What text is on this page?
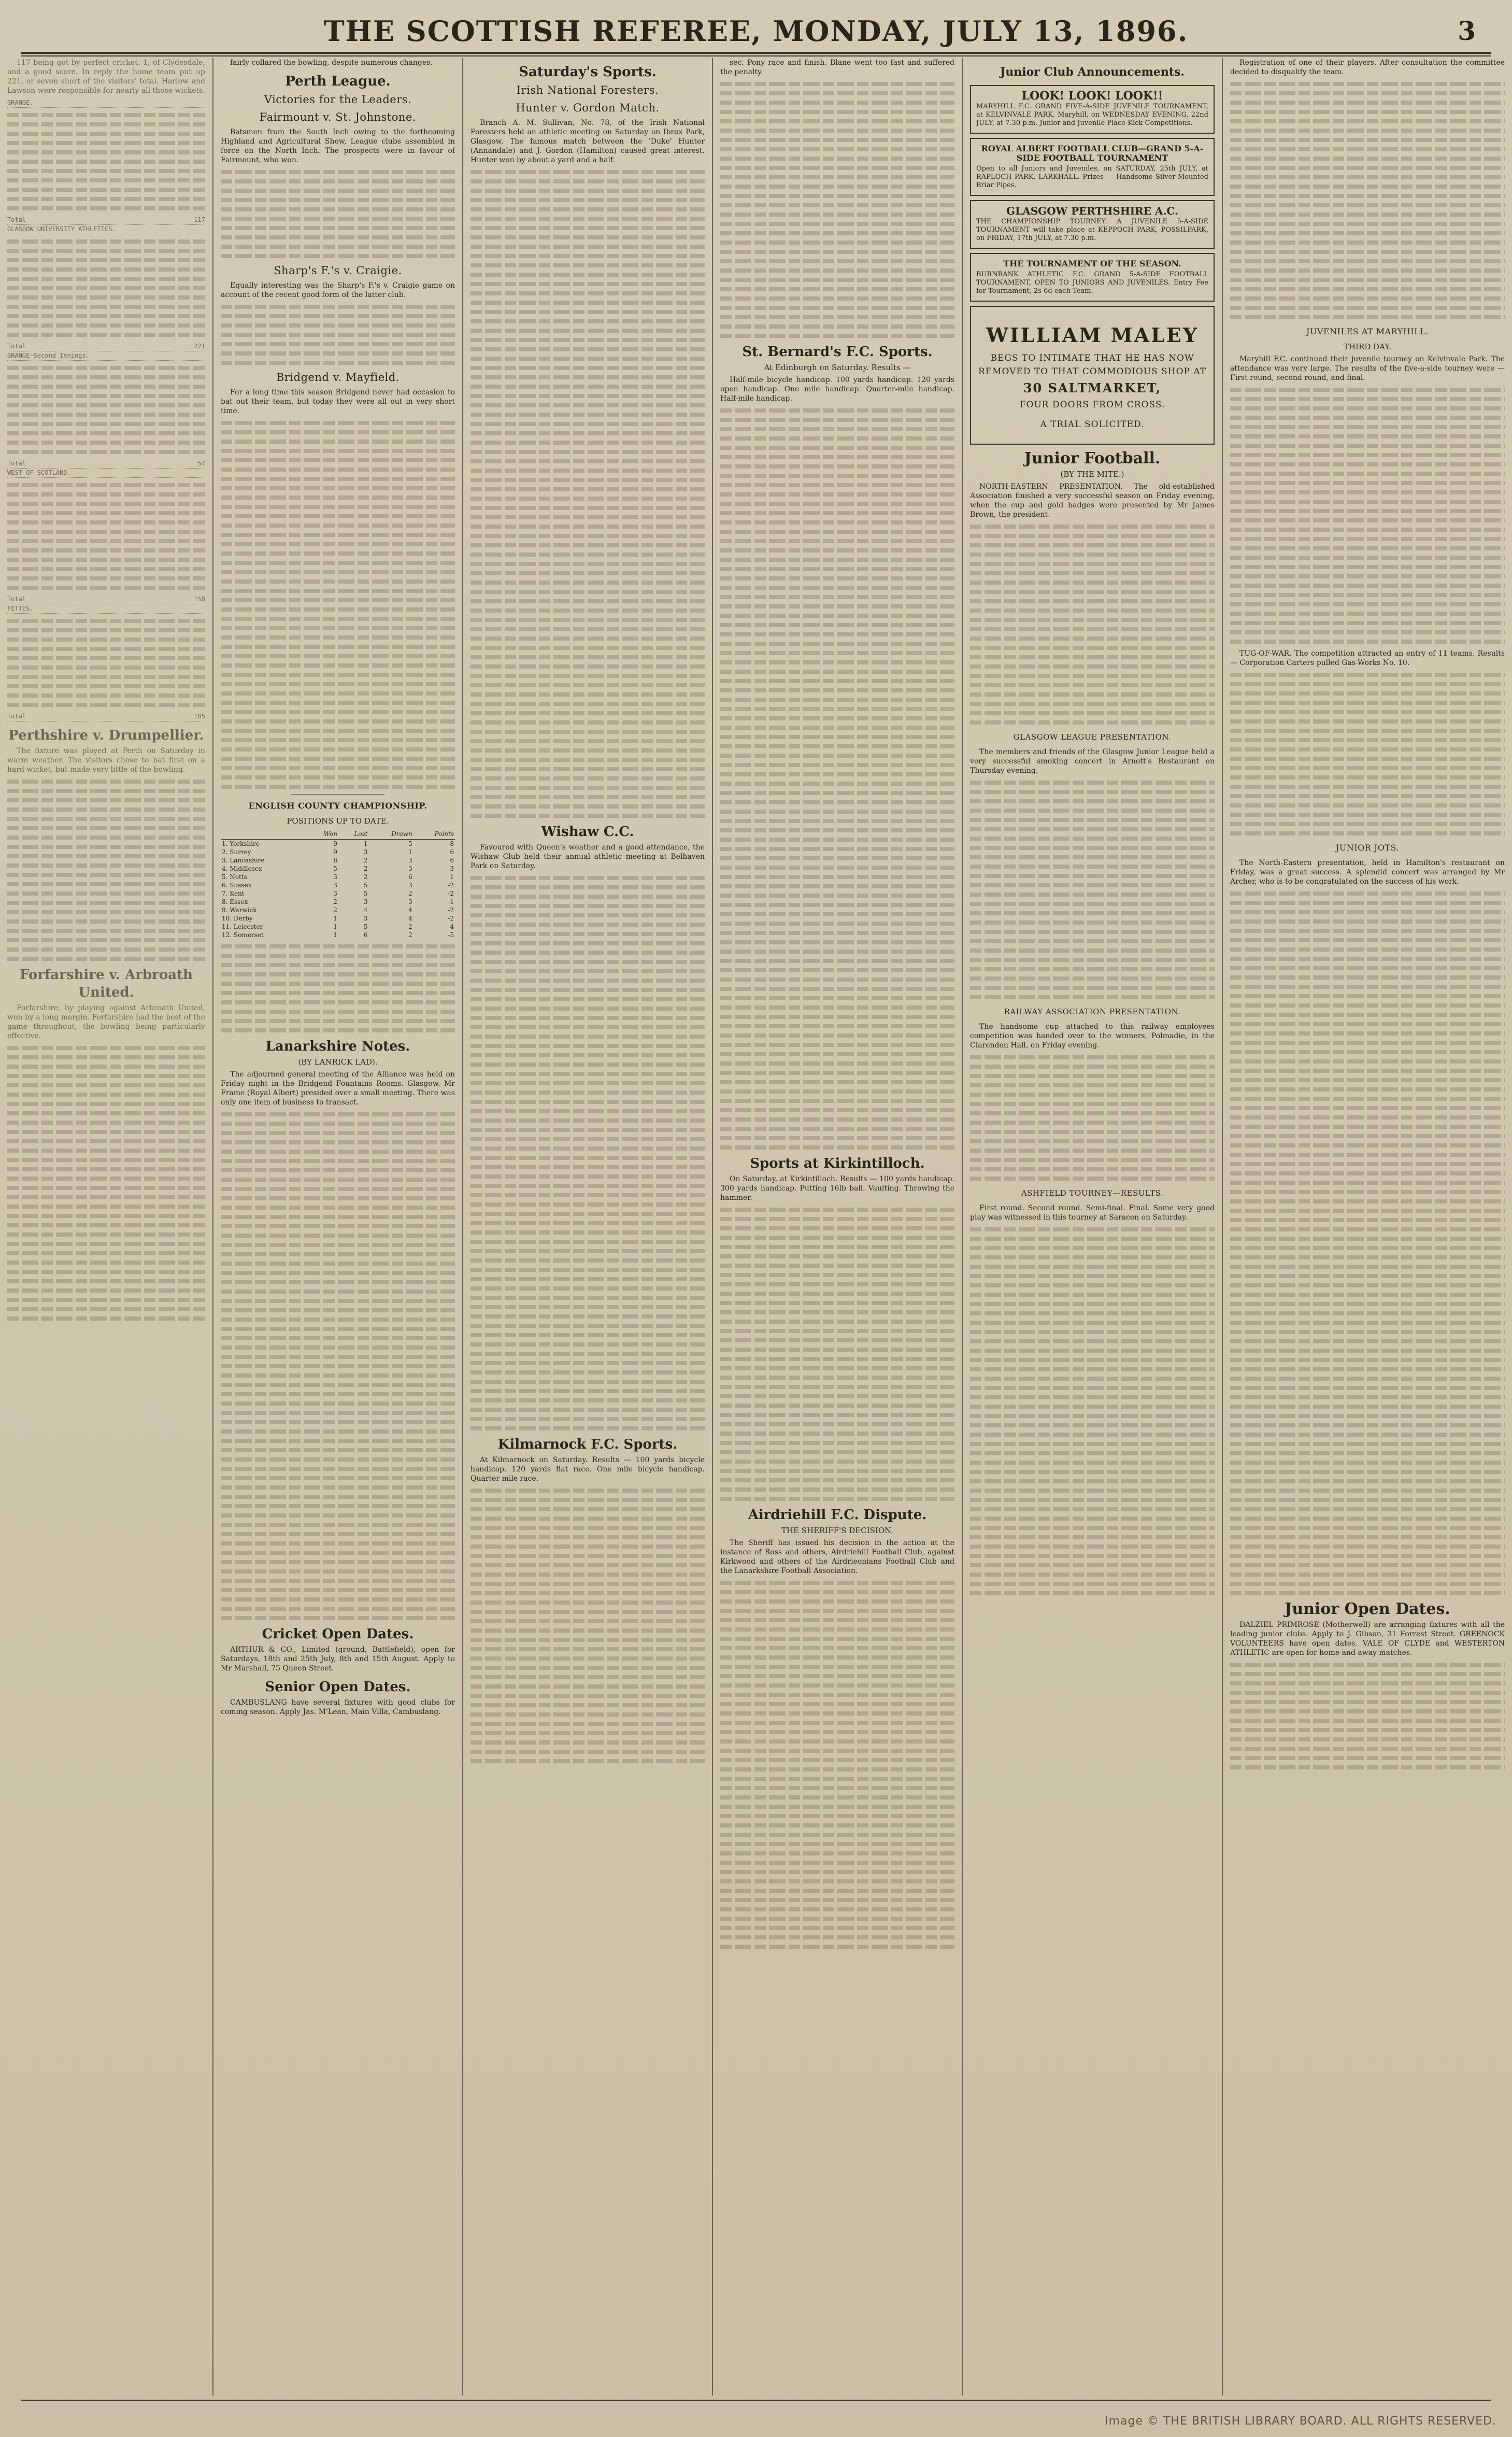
THE SCOTTISH REFEREE, MONDAY, JULY 13, 1896.	3

117 being got by perfect cricket. 1, of Clydesdale, and a good score. In reply the home team put up 221, or seven short of the visitors' total. Harlow and Lawson were responsible for nearly all those wickets.

GRANGE.
Total	117
GLASGOW UNIVERSITY ATHLETICS.
Total	221
GRANGE—Second Innings.
Total	54
WEST OF SCOTLAND.
Total	158
FETTES.
Total	105
Perthshire v. Drumpellier.

The fixture was played at Perth on Saturday in warm weather. The visitors chose to bat first on a hard wicket, but made very little of the bowling.

Forfarshire v. Arbroath United.

Forfarshire, by playing against Arbroath United, won by a long margin. Forfarshire had the best of the game throughout, the bowling being particularly effective.

fairly collared the bowling, despite numerous changes.

Perth League.
Victories for the Leaders.
Fairmount v. St. Johnstone.

Batsmen from the South Inch owing to the forthcoming Highland and Agricultural Show, League clubs assembled in force on the North Inch. The prospects were in favour of Fairmount, who won.

Sharp's F.'s v. Craigie.

Equally interesting was the Sharp's F.'s v. Craigie game on account of the recent good form of the latter club.

Bridgend v. Mayfield.

For a long time this season Bridgend never had occasion to bat out their team, but today they were all out in very short time.

ENGLISH COUNTY CHAMPIONSHIP.
POSITIONS UP TO DATE.
	Won	Lost	Drawn	Points
1. Yorkshire	9	1	5	8
2. Surrey	9	3	1	6
3. Lancashire	8	2	3	6
4. Middlesex	5	2	3	3
5. Notts	3	2	6	1
6. Sussex	3	5	3	-2
7. Kent	3	5	2	-2
8. Essex	2	3	3	-1
9. Warwick	2	4	4	-2
10. Derby	1	3	4	-2
11. Leicester	1	5	2	-4
12. Somerset	1	6	2	-5
Lanarkshire Notes.
(BY LANRICK LAD).

The adjourned general meeting of the Alliance was held on Friday night in the Bridgend Fountains Rooms. Glasgow. Mr Frame (Royal Albert) presided over a small meeting. There was only one item of business to transact.

Cricket Open Dates.

ARTHUR & CO., Limited (ground, Battlefield), open for Saturdays, 18th and 25th July, 8th and 15th August. Apply to Mr Marshall, 75 Queen Street.

Senior Open Dates.

CAMBUSLANG have several fixtures with good clubs for coming season. Apply Jas. M'Lean, Main Villa, Cambuslang.

Saturday's Sports.
Irish National Foresters.
Hunter v. Gordon Match.

Branch A. M. Sullivan, No. 78, of the Irish National Foresters held an athletic meeting on Saturday on Ibrox Park, Glasgow. The famous match between the 'Duke' Hunter (Annandale) and J. Gordon (Hamilton) caused great interest. Hunter won by about a yard and a half.

Wishaw C.C.

Favoured with Queen's weather and a good attendance, the Wishaw Club held their annual athletic meeting at Belhaven Park on Saturday.

Kilmarnock F.C. Sports.

At Kilmarnock on Saturday. Results — 100 yards bicycle handicap. 120 yards flat race. One mile bicycle handicap. Quarter mile race.

sec. Pony race and finish. Blane went too fast and suffered the penalty.

St. Bernard's F.C. Sports.
At Edinburgh on Saturday. Results —

Half-mile bicycle handicap. 100 yards handicap. 120 yards open handicap. One mile handicap. Quarter-mile handicap. Half-mile handicap.

Sports at Kirkintilloch.

On Saturday, at Kirkintilloch. Results — 100 yards handicap. 300 yards handicap. Putting 16lb ball. Vaulting. Throwing the hammer.

Airdriehill F.C. Dispute.
THE SHERIFF'S DECISION.

The Sheriff has issued his decision in the action at the instance of Ross and others, Airdriehill Football Club, against Kirkwood and others of the Airdrieonians Football Club and the Lanarkshire Football Association.

Junior Club Announcements.
LOOK! LOOK! LOOK!!
MARYHILL F.C. GRAND FIVE-A-SIDE JUVENILE TOURNAMENT, at KELVINVALE PARK, Maryhill, on WEDNESDAY EVENING, 22nd JULY, at 7.30 p.m. Junior and Juvenile Place-Kick Competitions.
ROYAL ALBERT FOOTBALL CLUB—GRAND 5-A-SIDE FOOTBALL TOURNAMENT
Open to all Juniors and Juveniles, on SATURDAY, 25th JULY, at RAPLOCH PARK, LARKHALL. Prizes — Handsome Silver-Mounted Briar Pipes.
GLASGOW PERTHSHIRE A.C.
THE CHAMPIONSHIP TOURNEY. A JUVENILE 5-A-SIDE TOURNAMENT will take place at KEPPOCH PARK, POSSILPARK, on FRIDAY, 17th JULY, at 7.30 p.m.
THE TOURNAMENT OF THE SEASON.
BURNBANK ATHLETIC F.C. GRAND 5-A-SIDE FOOTBALL TOURNAMENT, OPEN TO JUNIORS AND JUVENILES. Entry Fee for Tournament, 2s 6d each Team.
WILLIAM MALEY
BEGS TO INTIMATE THAT HE HAS NOW
REMOVED TO THAT COMMODIOUS SHOP AT
30 SALTMARKET,
FOUR DOORS FROM CROSS.
A TRIAL SOLICITED.
Junior Football.
(BY THE MITE.)

NORTH-EASTERN PRESENTATION. The old-established Association finished a very successful season on Friday evening, when the cup and gold badges were presented by Mr James Brown, the president.

GLASGOW LEAGUE PRESENTATION.

The members and friends of the Glasgow Junior League held a very successful smoking concert in Arnott's Restaurant on Thursday evening.

RAILWAY ASSOCIATION PRESENTATION.

The handsome cup attached to this railway employees competition was handed over to the winners, Polmadie, in the Clarendon Hall, on Friday evening.

ASHFIELD TOURNEY—RESULTS.

First round. Second round. Semi-final. Final. Some very good play was witnessed in this tourney at Saracen on Saturday.

Registration of one of their players. After consultation the committee decided to disqualify the team.

JUVENILES AT MARYHILL.
THIRD DAY.

Maryhill F.C. continued their juvenile tourney on Kelvinvale Park. The attendance was very large. The results of the five-a-side tourney were — First round, second round, and final.

TUG-OF-WAR. The competition attracted an entry of 11 teams. Results — Corporation Carters pulled Gas-Works No. 10.

JUNIOR JOTS.

The North-Eastern presentation, held in Hamilton's restaurant on Friday, was a great success. A splendid concert was arranged by Mr Archer, who is to be congratulated on the success of his work.

Junior Open Dates.

DALZIEL PRIMROSE (Motherwell) are arranging fixtures with all the leading junior clubs. Apply to J. Gibson, 31 Forrest Street. GREENOCK VOLUNTEERS have open dates. VALE OF CLYDE and WESTERTON ATHLETIC are open for home and away matches.

Image © THE BRITISH LIBRARY BOARD. ALL RIGHTS RESERVED.
